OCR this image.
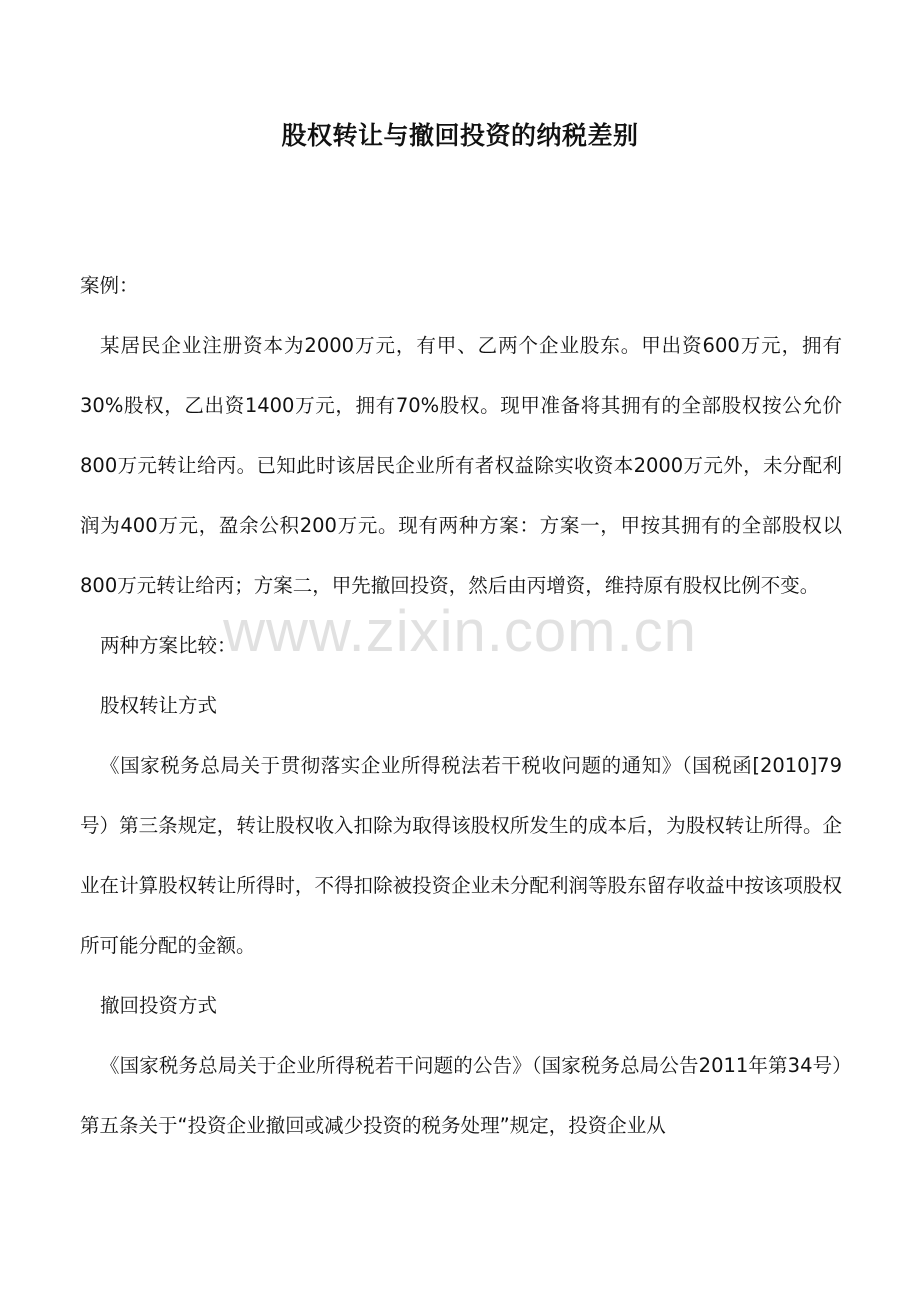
股权转让与撤回投资的纳税差别

案例：

某居民企业注册资本为2000万元，有甲、乙两个企业股东。甲出资600万元，拥有30%股权，乙出资1400万元，拥有70%股权。现甲准备将其拥有的全部股权按公允价800万元转让给丙。已知此时该居民企业所有者权益除实收资本2000万元外，未分配利润为400万元，盈余公积200万元。现有两种方案：方案一，甲按其拥有的全部股权以800万元转让给丙；方案二，甲先撤回投资，然后由丙增资，维持原有股权比例不变。

两种方案比较：

股权转让方式

《国家税务总局关于贯彻落实企业所得税法若干税收问题的通知》（国税函[2010]79号）第三条规定，转让股权收入扣除为取得该股权所发生的成本后，为股权转让所得。企业在计算股权转让所得时，不得扣除被投资企业未分配利润等股东留存收益中按该项股权所可能分配的金额。

撤回投资方式

《国家税务总局关于企业所得税若干问题的公告》（国家税务总局公告2011年第34号）第五条关于“投资企业撤回或减少投资的税务处理”规定，投资企业从

www.zixin.com.cn
